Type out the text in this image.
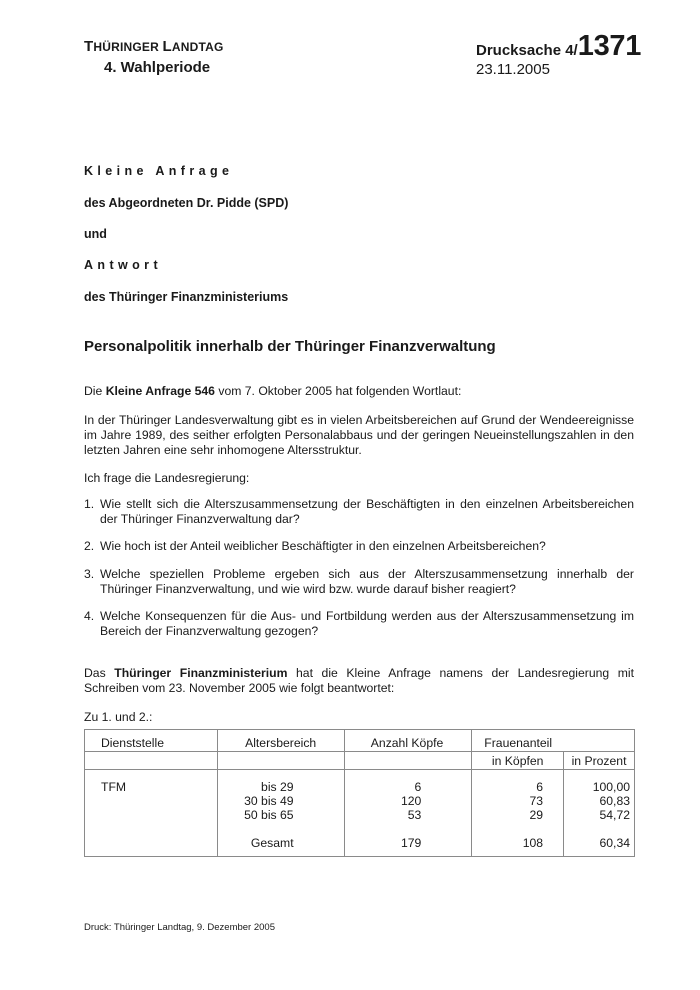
THÜRINGER LANDTAG
4. Wahlperiode
Drucksache 4/1371
23.11.2005
Kleine Anfrage
des Abgeordneten Dr. Pidde (SPD)
und
Antwort
des Thüringer Finanzministeriums
Personalpolitik innerhalb der Thüringer Finanzverwaltung
Die Kleine Anfrage 546 vom 7. Oktober 2005 hat folgenden Wortlaut:
In der Thüringer Landesverwaltung gibt es in vielen Arbeitsbereichen auf Grund der Wendeereignisse im Jahre 1989, des seither erfolgten Personalabbaus und der geringen Neueinstellungszahlen in den letzten Jahren eine sehr inhomogene Altersstruktur.
Ich frage die Landesregierung:
1. Wie stellt sich die Alterszusammensetzung der Beschäftigten in den einzelnen Arbeitsbereichen der Thüringer Finanzverwaltung dar?
2. Wie hoch ist der Anteil weiblicher Beschäftigter in den einzelnen Arbeitsbereichen?
3. Welche speziellen Probleme ergeben sich aus der Alterszusammensetzung innerhalb der Thüringer Finanzverwaltung, und wie wird bzw. wurde darauf bisher reagiert?
4. Welche Konsequenzen für die Aus- und Fortbildung werden aus der Alterszusammensetzung im Bereich der Finanzverwaltung gezogen?
Das Thüringer Finanzministerium hat die Kleine Anfrage namens der Landesregierung mit Schreiben vom 23. November 2005 wie folgt beantwortet:
Zu 1. und 2.:
Dienststelle	Altersbereich	Anzahl Köpfe	Frauenanteil	
			in Köpfen	in Prozent

TFM	bis 29	6	6	100,00
	30 bis 49	120	73	60,83
	50 bis 65	53	29	54,72

	Gesamt	179	108	60,34
Druck: Thüringer Landtag, 9. Dezember 2005
